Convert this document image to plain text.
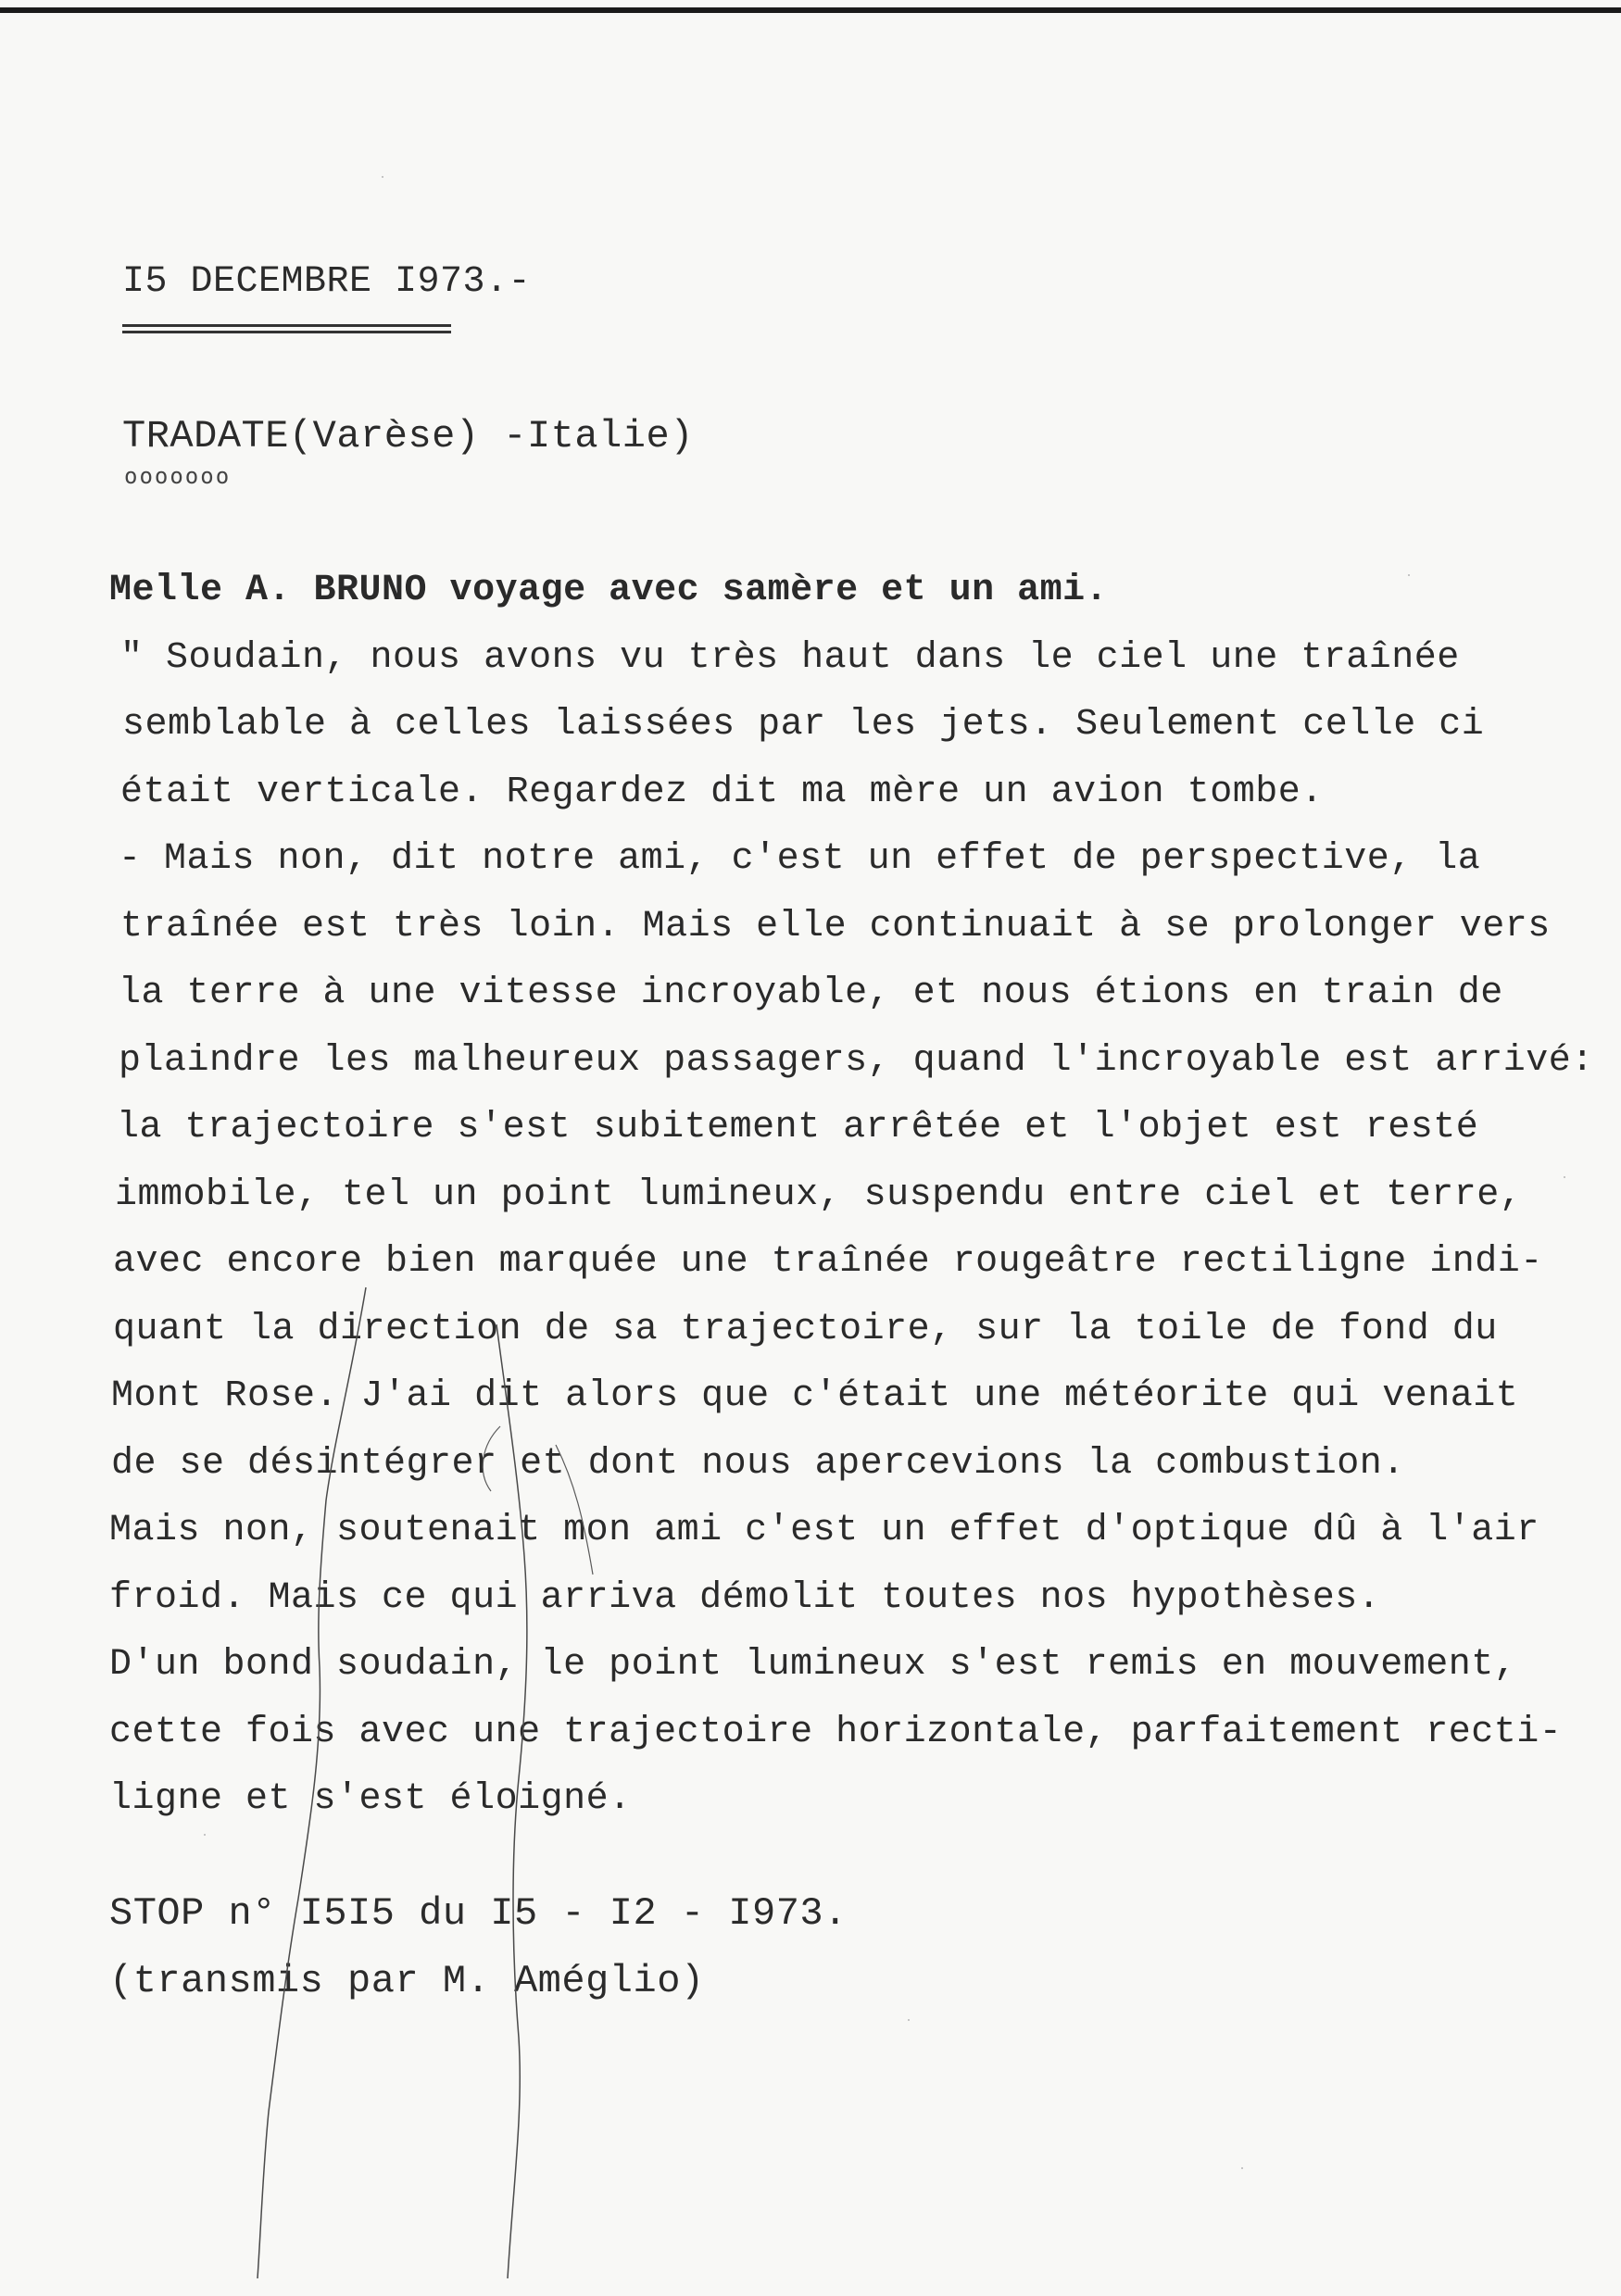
I5 DECEMBRE I973.-
TRADATE(Varèse) -Italie)
ooooooo
Melle A. BRUNO voyage avec samère et un ami.
" Soudain, nous avons vu très haut dans le ciel une traînée
semblable à celles laissées par les jets. Seulement celle ci
était verticale. Regardez dit ma mère un avion tombe.
- Mais non, dit notre ami, c'est un effet de perspective, la
traînée est très loin. Mais elle continuait à se prolonger vers
la terre à une vitesse incroyable, et nous étions en train de
plaindre les malheureux passagers, quand l'incroyable est arrivé:
la trajectoire s'est subitement arrêtée et l'objet est resté
immobile, tel un point lumineux, suspendu entre ciel et terre,
avec encore bien marquée une traînée rougeâtre rectiligne indi-
quant la direction de sa trajectoire, sur la toile de fond du
Mont Rose. J'ai dit alors que c'était une météorite qui venait
de se désintégrer et dont nous apercevions la combustion.
Mais non, soutenait mon ami c'est un effet d'optique dû à l'air
froid. Mais ce qui arriva démolit toutes nos hypothèses.
D'un bond soudain, le point lumineux s'est remis en mouvement,
cette fois avec une trajectoire horizontale, parfaitement recti-
ligne et s'est éloigné.
STOP n° I5I5 du I5 - I2 - I973.
(transmis par M. Améglio)
